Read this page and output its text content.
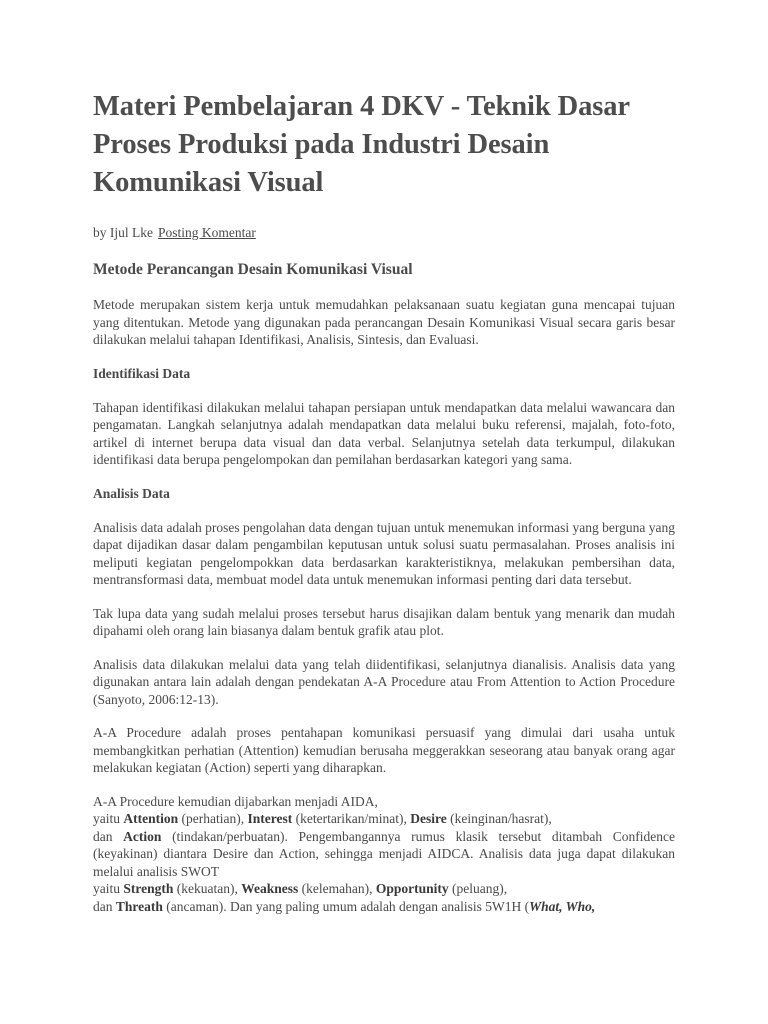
Materi Pembelajaran 4 DKV - Teknik Dasar Proses Produksi pada Industri Desain Komunikasi Visual
by Ijul Lke Posting Komentar
Metode Perancangan Desain Komunikasi Visual

Metode merupakan sistem kerja untuk memudahkan pelaksanaan suatu kegiatan guna mencapai tujuan yang ditentukan. Metode yang digunakan pada perancangan Desain Komunikasi Visual secara garis besar dilakukan melalui tahapan Identifikasi, Analisis, Sintesis, dan Evaluasi.

Identifikasi Data

Tahapan identifikasi dilakukan melalui tahapan persiapan untuk mendapatkan data melalui wawancara dan pengamatan. Langkah selanjutnya adalah mendapatkan data melalui buku referensi, majalah, foto-foto, artikel di internet berupa data visual dan data verbal. Selanjutnya setelah data terkumpul, dilakukan identifikasi data berupa pengelompokan dan pemilahan berdasarkan kategori yang sama.

Analisis Data

Analisis data adalah proses pengolahan data dengan tujuan untuk menemukan informasi yang berguna yang dapat dijadikan dasar dalam pengambilan keputusan untuk solusi suatu permasalahan. Proses analisis ini meliputi kegiatan pengelompokkan data berdasarkan karakteristiknya, melakukan pembersihan data, mentransformasi data, membuat model data untuk menemukan informasi penting dari data tersebut.

Tak lupa data yang sudah melalui proses tersebut harus disajikan dalam bentuk yang menarik dan mudah dipahami oleh orang lain biasanya dalam bentuk grafik atau plot.

Analisis data dilakukan melalui data yang telah diidentifikasi, selanjutnya dianalisis. Analisis data yang digunakan antara lain adalah dengan pendekatan A-A Procedure atau From Attention to Action Procedure (Sanyoto, 2006:12-13).

A-A Procedure adalah proses pentahapan komunikasi persuasif yang dimulai dari usaha untuk membangkitkan perhatian (Attention) kemudian berusaha meggerakkan seseorang atau banyak orang agar melakukan kegiatan (Action) seperti yang diharapkan.

A-A Procedure kemudian dijabarkan menjadi AIDA,
yaitu Attention (perhatian), Interest (ketertarikan/minat), Desire (keinginan/hasrat),
dan Action (tindakan/perbuatan). Pengembangannya rumus klasik tersebut ditambah Confidence (keyakinan) diantara Desire dan Action, sehingga menjadi AIDCA. Analisis data juga dapat dilakukan melalui analisis SWOT
yaitu Strength (kekuatan), Weakness (kelemahan), Opportunity (peluang),
dan Threath (ancaman). Dan yang paling umum adalah dengan analisis 5W1H (What, Who,
